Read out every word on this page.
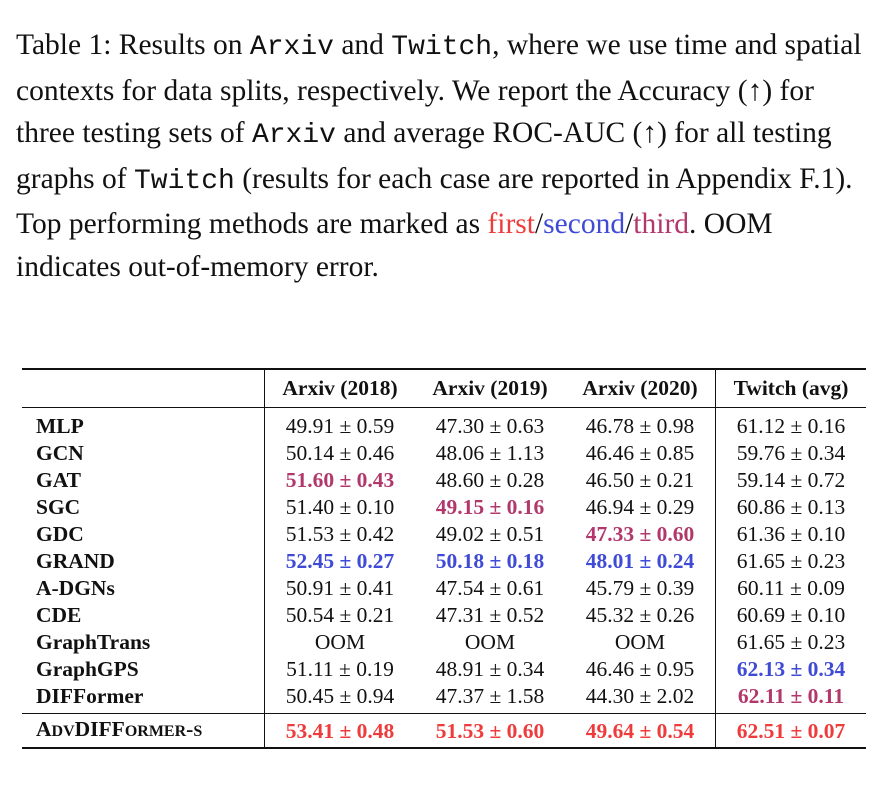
Table 1: Results on Arxiv and Twitch, where we use time and spatial contexts for data splits, respectively. We report the Accuracy (↑) for three testing sets of Arxiv and average ROC-AUC (↑) for all testing graphs of Twitch (results for each case are reported in Appendix F.1). Top performing methods are marked as first/second/third. OOM indicates out-of-memory error.
	Arxiv (2018)	Arxiv (2019)	Arxiv (2020)	Twitch (avg)
MLP	49.91 ± 0.59	47.30 ± 0.63	46.78 ± 0.98	61.12 ± 0.16
GCN	50.14 ± 0.46	48.06 ± 1.13	46.46 ± 0.85	59.76 ± 0.34
GAT	51.60 ± 0.43	48.60 ± 0.28	46.50 ± 0.21	59.14 ± 0.72
SGC	51.40 ± 0.10	49.15 ± 0.16	46.94 ± 0.29	60.86 ± 0.13
GDC	51.53 ± 0.42	49.02 ± 0.51	47.33 ± 0.60	61.36 ± 0.10
GRAND	52.45 ± 0.27	50.18 ± 0.18	48.01 ± 0.24	61.65 ± 0.23
A-DGNs	50.91 ± 0.41	47.54 ± 0.61	45.79 ± 0.39	60.11 ± 0.09
CDE	50.54 ± 0.21	47.31 ± 0.52	45.32 ± 0.26	60.69 ± 0.10
GraphTrans	OOM	OOM	OOM	61.65 ± 0.23
GraphGPS	51.11 ± 0.19	48.91 ± 0.34	46.46 ± 0.95	62.13 ± 0.34
DIFFormer	50.45 ± 0.94	47.37 ± 1.58	44.30 ± 2.02	62.11 ± 0.11
ADVDIFFORMER-S	53.41 ± 0.48	51.53 ± 0.60	49.64 ± 0.54	62.51 ± 0.07
